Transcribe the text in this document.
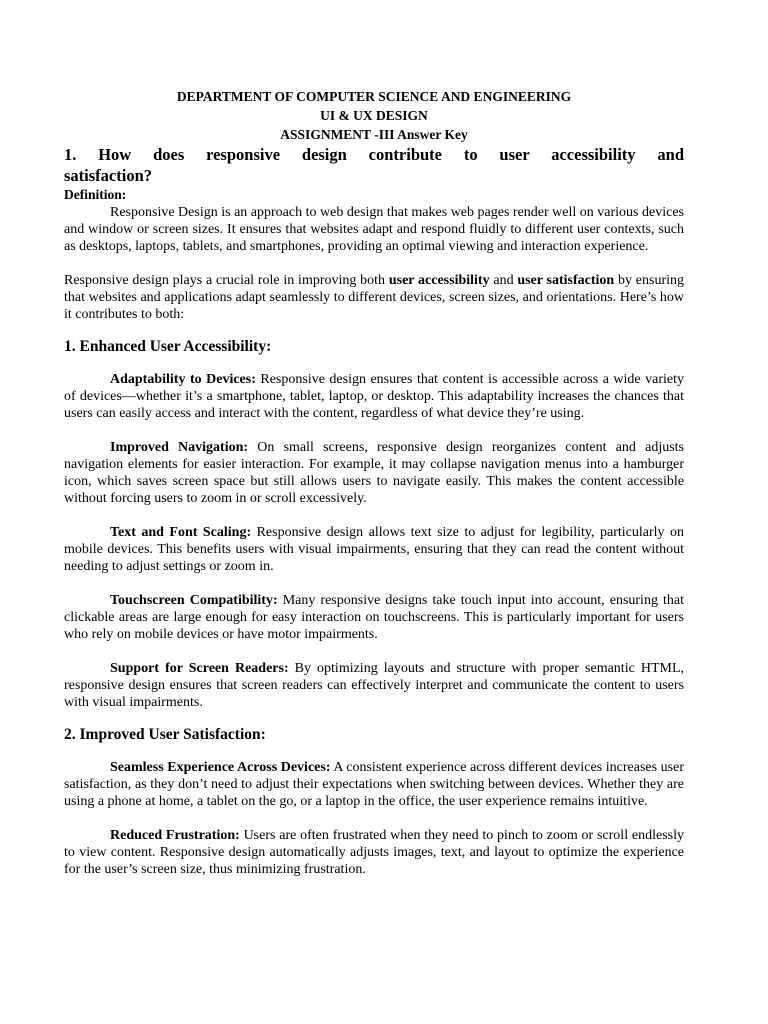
DEPARTMENT OF COMPUTER SCIENCE AND ENGINEERING
UI & UX DESIGN
ASSIGNMENT -III Answer Key
1. How does responsive design contribute to user accessibility and satisfaction?
Definition:

Responsive Design is an approach to web design that makes web pages render well on various devices and window or screen sizes. It ensures that websites adapt and respond fluidly to different user contexts, such as desktops, laptops, tablets, and smartphones, providing an optimal viewing and interaction experience.

Responsive design plays a crucial role in improving both user accessibility and user satisfaction by ensuring that websites and applications adapt seamlessly to different devices, screen sizes, and orientations. Here’s how it contributes to both:

1. Enhanced User Accessibility:

Adaptability to Devices: Responsive design ensures that content is accessible across a wide variety of devices—whether it’s a smartphone, tablet, laptop, or desktop. This adaptability increases the chances that users can easily access and interact with the content, regardless of what device they’re using.

Improved Navigation: On small screens, responsive design reorganizes content and adjusts navigation elements for easier interaction. For example, it may collapse navigation menus into a hamburger icon, which saves screen space but still allows users to navigate easily. This makes the content accessible without forcing users to zoom in or scroll excessively.

Text and Font Scaling: Responsive design allows text size to adjust for legibility, particularly on mobile devices. This benefits users with visual impairments, ensuring that they can read the content without needing to adjust settings or zoom in.

Touchscreen Compatibility: Many responsive designs take touch input into account, ensuring that clickable areas are large enough for easy interaction on touchscreens. This is particularly important for users who rely on mobile devices or have motor impairments.

Support for Screen Readers: By optimizing layouts and structure with proper semantic HTML, responsive design ensures that screen readers can effectively interpret and communicate the content to users with visual impairments.

2. Improved User Satisfaction:

Seamless Experience Across Devices: A consistent experience across different devices increases user satisfaction, as they don’t need to adjust their expectations when switching between devices. Whether they are using a phone at home, a tablet on the go, or a laptop in the office, the user experience remains intuitive.

Reduced Frustration: Users are often frustrated when they need to pinch to zoom or scroll endlessly to view content. Responsive design automatically adjusts images, text, and layout to optimize the experience for the user’s screen size, thus minimizing frustration.
